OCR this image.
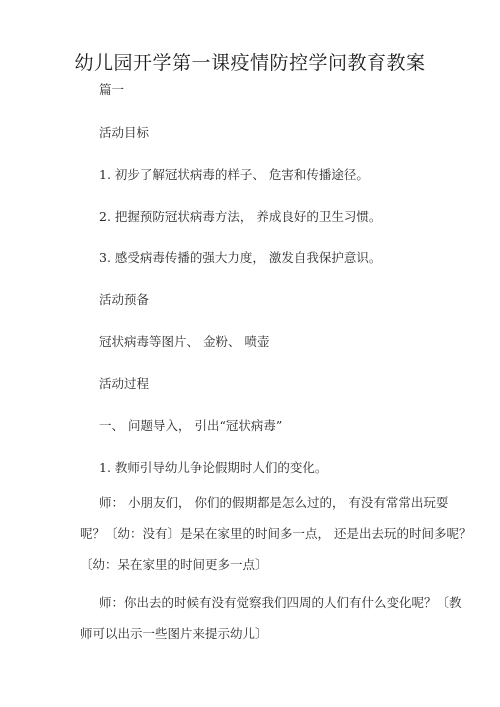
幼儿园开学第一课疫情防控学问教育教案
篇一
活动目标
1. 初步了解冠状病毒的样子、 危害和传播途径。
2. 把握预防冠状病毒方法， 养成良好的卫生习惯。
3. 感受病毒传播的强大力度， 激发自我保护意识。
活动预备
冠状病毒等图片、 金粉、 喷壶
活动过程
一、 问题导入， 引出“冠状病毒”
1. 教师引导幼儿争论假期时人们的变化。
师： 小朋友们， 你们的假期都是怎么过的， 有没有常常出玩耍
呢？〔幼：没有〕是呆在家里的时间多一点， 还是出去玩的时间多呢？
〔幼：呆在家里的时间更多一点〕
师：你出去的时候有没有觉察我们四周的人们有什么变化呢？〔教
师可以出示一些图片来提示幼儿〕
